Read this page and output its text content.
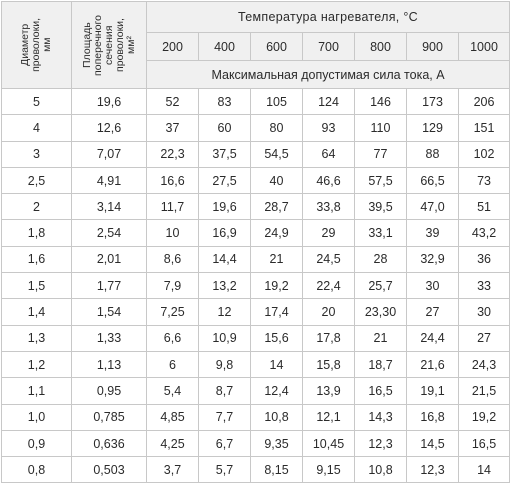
Диаметр
проволоки,
мм	Площадь
поперечного
сечения
проволоки,
мм²	Температура нагревателя, °С						
		200	400	600	700	800	900	1000
		Максимальная допустимая сила тока, А						
5	19,6	52	83	105	124	146	173	206
4	12,6	37	60	80	93	110	129	151
3	7,07	22,3	37,5	54,5	64	77	88	102
2,5	4,91	16,6	27,5	40	46,6	57,5	66,5	73
2	3,14	11,7	19,6	28,7	33,8	39,5	47,0	51
1,8	2,54	10	16,9	24,9	29	33,1	39	43,2
1,6	2,01	8,6	14,4	21	24,5	28	32,9	36
1,5	1,77	7,9	13,2	19,2	22,4	25,7	30	33
1,4	1,54	7,25	12	17,4	20	23,30	27	30
1,3	1,33	6,6	10,9	15,6	17,8	21	24,4	27
1,2	1,13	6	9,8	14	15,8	18,7	21,6	24,3
1,1	0,95	5,4	8,7	12,4	13,9	16,5	19,1	21,5
1,0	0,785	4,85	7,7	10,8	12,1	14,3	16,8	19,2
0,9	0,636	4,25	6,7	9,35	10,45	12,3	14,5	16,5
0,8	0,503	3,7	5,7	8,15	9,15	10,8	12,3	14
